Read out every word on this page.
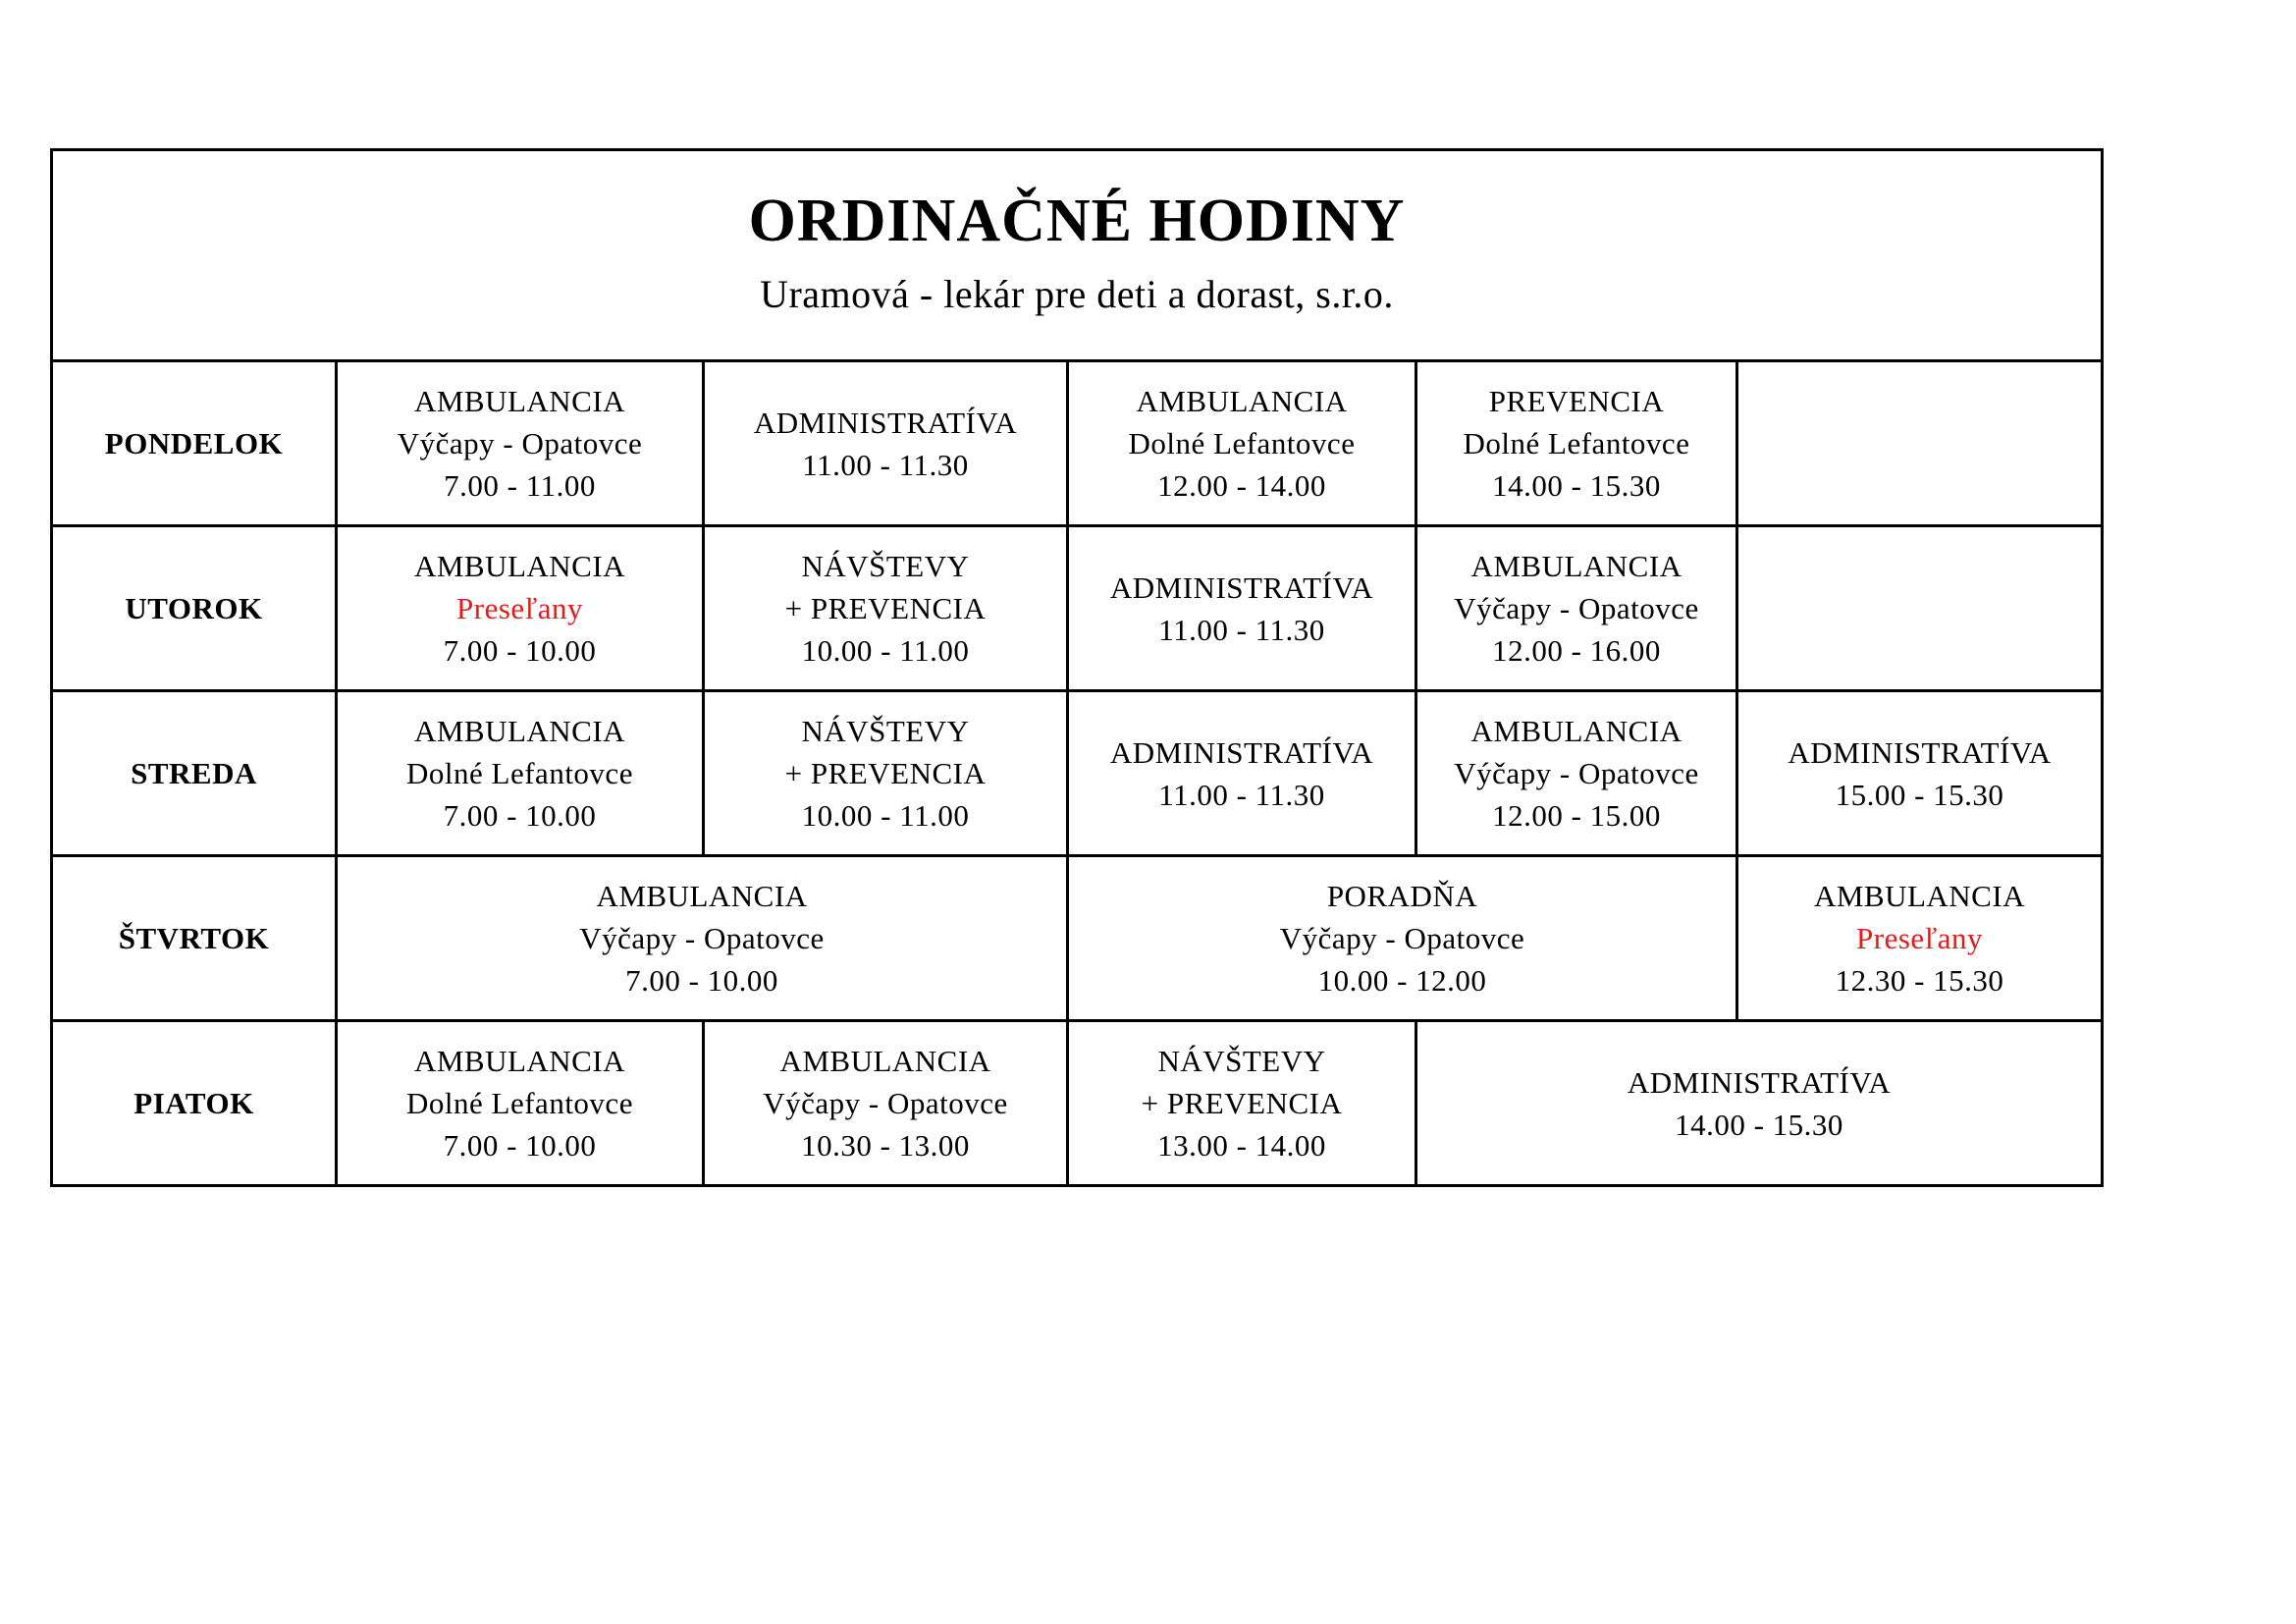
ORDINAČNÉ HODINY
Uramová - lekár pre deti a dorast, s.r.o.					

PONDELOK	AMBULANCIA
Výčapy - Opatovce
7.00 - 11.00	ADMINISTRATÍVA
11.00 - 11.30	AMBULANCIA
Dolné Lefantovce
12.00 - 14.00	PREVENCIA
Dolné Lefantovce
14.00 - 15.30	

UTOROK	AMBULANCIA
Preseľany
7.00 - 10.00	NÁVŠTEVY
+ PREVENCIA
10.00 - 11.00	ADMINISTRATÍVA
11.00 - 11.30	AMBULANCIA
Výčapy - Opatovce
12.00 - 16.00	

STREDA	AMBULANCIA
Dolné Lefantovce
7.00 - 10.00	NÁVŠTEVY
+ PREVENCIA
10.00 - 11.00	ADMINISTRATÍVA
11.00 - 11.30	AMBULANCIA
Výčapy - Opatovce
12.00 - 15.00	ADMINISTRATÍVA
15.00 - 15.30

ŠTVRTOK	AMBULANCIA
Výčapy - Opatovce
7.00 - 10.00		PORADŇA
Výčapy - Opatovce
10.00 - 12.00		AMBULANCIA
Preseľany
12.30 - 15.30

PIATOK	AMBULANCIA
Dolné Lefantovce
7.00 - 10.00	AMBULANCIA
Výčapy - Opatovce
10.30 - 13.00	NÁVŠTEVY
+ PREVENCIA
13.00 - 14.00	ADMINISTRATÍVA
14.00 - 15.30	
